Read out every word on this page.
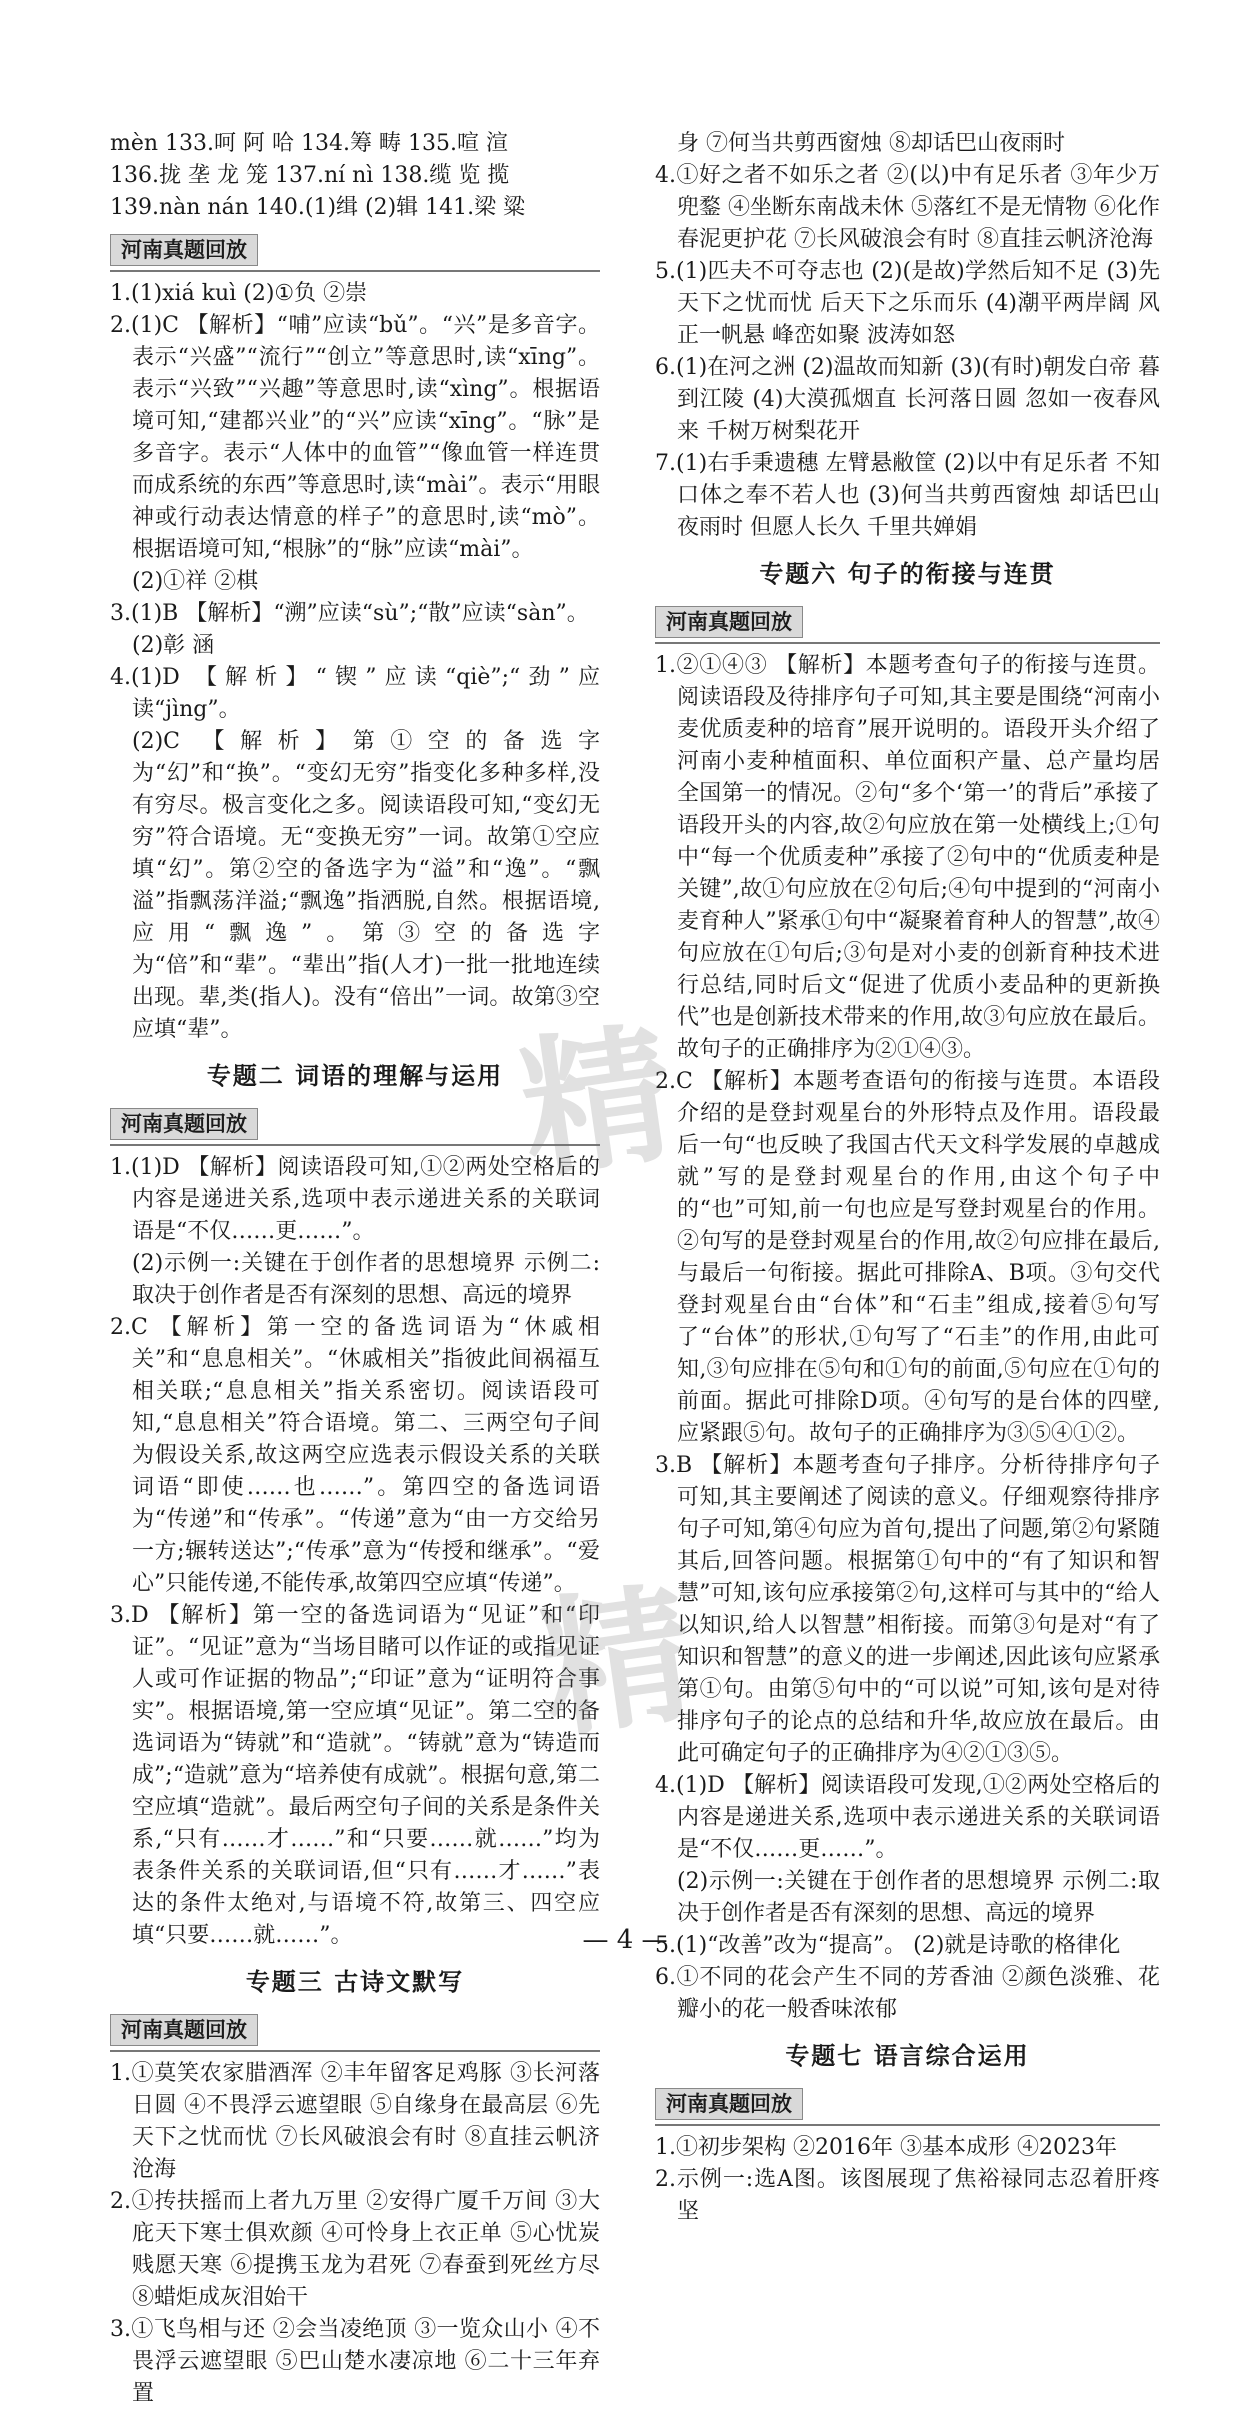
mèn 133.呵 阿 哈 134.筹 畴 135.喧 渲

136.拢 垄 龙 笼 137.ní nì 138.缆 览 揽

139.nàn nán 140.(1)缉 (2)辑 141.梁 粱

河南真题回放

1.(1)xiá kuì (2)①负 ②崇

2.(1)C 【解析】“哺”应读“bǔ”。“兴”是多音字。表示“兴盛”“流行”“创立”等意思时,读“xīng”。表示“兴致”“兴趣”等意思时,读“xìng”。根据语境可知,“建都兴业”的“兴”应读“xīng”。“脉”是多音字。表示“人体中的血管”“像血管一样连贯而成系统的东西”等意思时,读“mài”。表示“用眼神或行动表达情意的样子”的意思时,读“mò”。根据语境可知,“根脉”的“脉”应读“mài”。

(2)①祥 ②棋

3.(1)B 【解析】“溯”应读“sù”;“散”应读“sàn”。

(2)彰 涵

4.(1)D 【解析】“锲”应读“qiè”;“劲”应读“jìng”。

(2)C 【解析】第①空的备选字为“幻”和“换”。“变幻无穷”指变化多种多样,没有穷尽。极言变化之多。阅读语段可知,“变幻无穷”符合语境。无“变换无穷”一词。故第①空应填“幻”。第②空的备选字为“溢”和“逸”。“飘溢”指飘荡洋溢;“飘逸”指洒脱,自然。根据语境,应用“飘逸”。第③空的备选字为“倍”和“辈”。“辈出”指(人才)一批一批地连续出现。辈,类(指人)。没有“倍出”一词。故第③空应填“辈”。

专题二 词语的理解与运用
河南真题回放

1.(1)D 【解析】阅读语段可知,①②两处空格后的内容是递进关系,选项中表示递进关系的关联词语是“不仅……更……”。

(2)示例一:关键在于创作者的思想境界 示例二:取决于创作者是否有深刻的思想、高远的境界

2.C 【解析】第一空的备选词语为“休戚相关”和“息息相关”。“休戚相关”指彼此间祸福互相关联;“息息相关”指关系密切。阅读语段可知,“息息相关”符合语境。第二、三两空句子间为假设关系,故这两空应选表示假设关系的关联词语“即使……也……”。第四空的备选词语为“传递”和“传承”。“传递”意为“由一方交给另一方;辗转送达”;“传承”意为“传授和继承”。“爱心”只能传递,不能传承,故第四空应填“传递”。

3.D 【解析】第一空的备选词语为“见证”和“印证”。“见证”意为“当场目睹可以作证的或指见证人或可作证据的物品”;“印证”意为“证明符合事实”。根据语境,第一空应填“见证”。第二空的备选词语为“铸就”和“造就”。“铸就”意为“铸造而成”;“造就”意为“培养使有成就”。根据句意,第二空应填“造就”。最后两空句子间的关系是条件关系,“只有……才……”和“只要……就……”均为表条件关系的关联词语,但“只有……才……”表达的条件太绝对,与语境不符,故第三、四空应填“只要……就……”。

专题三 古诗文默写
河南真题回放

1.①莫笑农家腊酒浑 ②丰年留客足鸡豚 ③长河落日圆 ④不畏浮云遮望眼 ⑤自缘身在最高层 ⑥先天下之忧而忧 ⑦长风破浪会有时 ⑧直挂云帆济沧海

2.①抟扶摇而上者九万里 ②安得广厦千万间 ③大庇天下寒士俱欢颜 ④可怜身上衣正单 ⑤心忧炭贱愿天寒 ⑥提携玉龙为君死 ⑦春蚕到死丝方尽 ⑧蜡炬成灰泪始干

3.①飞鸟相与还 ②会当凌绝顶 ③一览众山小 ④不畏浮云遮望眼 ⑤巴山楚水凄凉地 ⑥二十三年弃置

身 ⑦何当共剪西窗烛 ⑧却话巴山夜雨时

4.①好之者不如乐之者 ②(以)中有足乐者 ③年少万兜鍪 ④坐断东南战未休 ⑤落红不是无情物 ⑥化作春泥更护花 ⑦长风破浪会有时 ⑧直挂云帆济沧海

5.(1)匹夫不可夺志也 (2)(是故)学然后知不足 (3)先天下之忧而忧 后天下之乐而乐 (4)潮平两岸阔 风正一帆悬 峰峦如聚 波涛如怒

6.(1)在河之洲 (2)温故而知新 (3)(有时)朝发白帝 暮到江陵 (4)大漠孤烟直 长河落日圆 忽如一夜春风来 千树万树梨花开

7.(1)右手秉遗穗 左臂悬敝筐 (2)以中有足乐者 不知口体之奉不若人也 (3)何当共剪西窗烛 却话巴山夜雨时 但愿人长久 千里共婵娟

专题六 句子的衔接与连贯
河南真题回放

1.②①④③ 【解析】本题考查句子的衔接与连贯。阅读语段及待排序句子可知,其主要是围绕“河南小麦优质麦种的培育”展开说明的。语段开头介绍了河南小麦种植面积、单位面积产量、总产量均居全国第一的情况。②句“多个‘第一’的背后”承接了语段开头的内容,故②句应放在第一处横线上;①句中“每一个优质麦种”承接了②句中的“优质麦种是关键”,故①句应放在②句后;④句中提到的“河南小麦育种人”紧承①句中“凝聚着育种人的智慧”,故④句应放在①句后;③句是对小麦的创新育种技术进行总结,同时后文“促进了优质小麦品种的更新换代”也是创新技术带来的作用,故③句应放在最后。故句子的正确排序为②①④③。

2.C 【解析】本题考查语句的衔接与连贯。本语段介绍的是登封观星台的外形特点及作用。语段最后一句“也反映了我国古代天文科学发展的卓越成就”写的是登封观星台的作用,由这个句子中的“也”可知,前一句也应是写登封观星台的作用。②句写的是登封观星台的作用,故②句应排在最后,与最后一句衔接。据此可排除A、B项。③句交代登封观星台由“台体”和“石圭”组成,接着⑤句写了“台体”的形状,①句写了“石圭”的作用,由此可知,③句应排在⑤句和①句的前面,⑤句应在①句的前面。据此可排除D项。④句写的是台体的四壁,应紧跟⑤句。故句子的正确排序为③⑤④①②。

3.B 【解析】本题考查句子排序。分析待排序句子可知,其主要阐述了阅读的意义。仔细观察待排序句子可知,第④句应为首句,提出了问题,第②句紧随其后,回答问题。根据第①句中的“有了知识和智慧”可知,该句应承接第②句,这样可与其中的“给人以知识,给人以智慧”相衔接。而第③句是对“有了知识和智慧”的意义的进一步阐述,因此该句应紧承第①句。由第⑤句中的“可以说”可知,该句是对待排序句子的论点的总结和升华,故应放在最后。由此可确定句子的正确排序为④②①③⑤。

4.(1)D 【解析】阅读语段可发现,①②两处空格后的内容是递进关系,选项中表示递进关系的关联词语是“不仅……更……”。

(2)示例一:关键在于创作者的思想境界 示例二:取决于创作者是否有深刻的思想、高远的境界

5.(1)“改善”改为“提高”。 (2)就是诗歌的格律化

6.①不同的花会产生不同的芳香油 ②颜色淡雅、花瓣小的花一般香味浓郁

专题七 语言综合运用
河南真题回放

1.①初步架构 ②2016年 ③基本成形 ④2023年

2.示例一:选A图。该图展现了焦裕禄同志忍着肝疼坚

精
精
— 4 —
